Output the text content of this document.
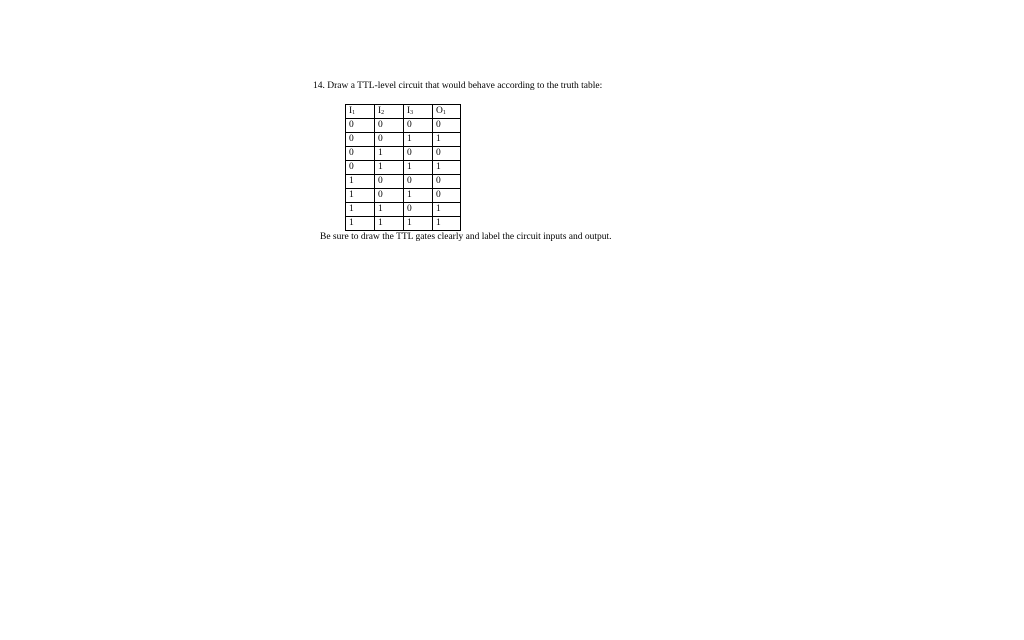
14. Draw a TTL-level circuit that would behave according to the truth table:
$I_1$	$I_2$	$I_3$	$O_1$
0	0	0	0
0	0	1	1
0	1	0	0
0	1	1	1
1	0	0	0
1	0	1	0
1	1	0	1
1	1	1	1
Be sure to draw the TTL gates clearly and label the circuit inputs and output.
